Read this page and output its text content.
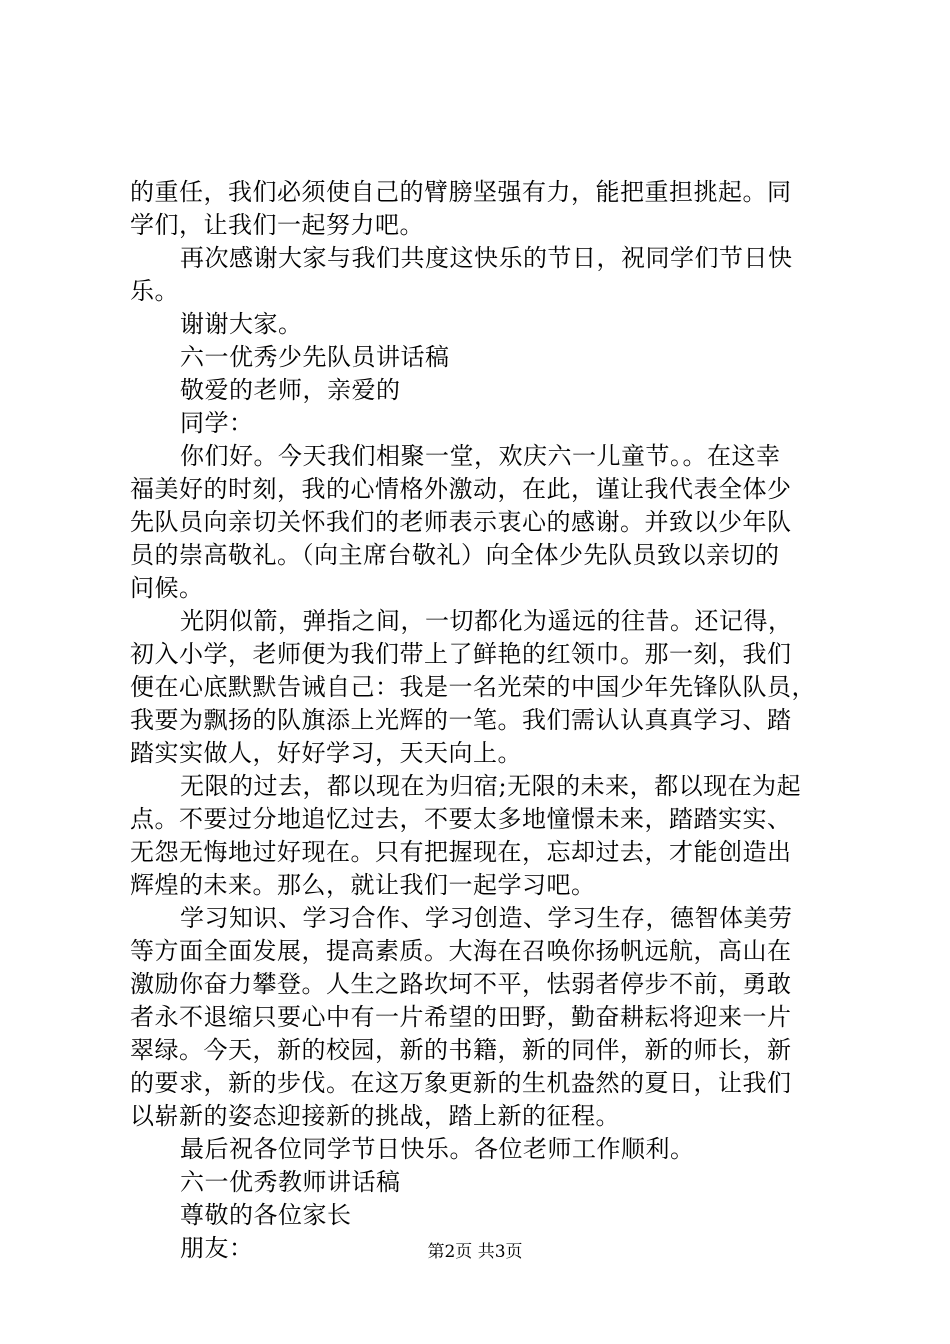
的重任，我们必须使自己的臂膀坚强有力，能把重担挑起。同
学们，让我们一起努力吧。
再次感谢大家与我们共度这快乐的节日，祝同学们节日快
乐。
谢谢大家。
六一优秀少先队员讲话稿
敬爱的老师，亲爱的
同学：
你们好。今天我们相聚一堂，欢庆六一儿童节。。在这幸
福美好的时刻，我的心情格外激动，在此，谨让我代表全体少
先队员向亲切关怀我们的老师表示衷心的感谢。并致以少年队
员的崇高敬礼。（向主席台敬礼）向全体少先队员致以亲切的
问候。
光阴似箭，弹指之间，一切都化为遥远的往昔。还记得，
初入小学，老师便为我们带上了鲜艳的红领巾。那一刻，我们
便在心底默默告诫自己：我是一名光荣的中国少年先锋队队员，
我要为飘扬的队旗添上光辉的一笔。我们需认认真真学习、踏
踏实实做人，好好学习，天天向上。
无限的过去，都以现在为归宿;无限的未来，都以现在为起
点。不要过分地追忆过去，不要太多地憧憬未来，踏踏实实、
无怨无悔地过好现在。只有把握现在，忘却过去，才能创造出
辉煌的未来。那么，就让我们一起学习吧。
学习知识、学习合作、学习创造、学习生存，德智体美劳
等方面全面发展，提高素质。大海在召唤你扬帆远航，高山在
激励你奋力攀登。人生之路坎坷不平，怯弱者停步不前，勇敢
者永不退缩只要心中有一片希望的田野，勤奋耕耘将迎来一片
翠绿。今天，新的校园，新的书籍，新的同伴，新的师长，新
的要求，新的步伐。在这万象更新的生机盎然的夏日，让我们
以崭新的姿态迎接新的挑战，踏上新的征程。
最后祝各位同学节日快乐。各位老师工作顺利。
六一优秀教师讲话稿
尊敬的各位家长
朋友：	第2页 共3页
